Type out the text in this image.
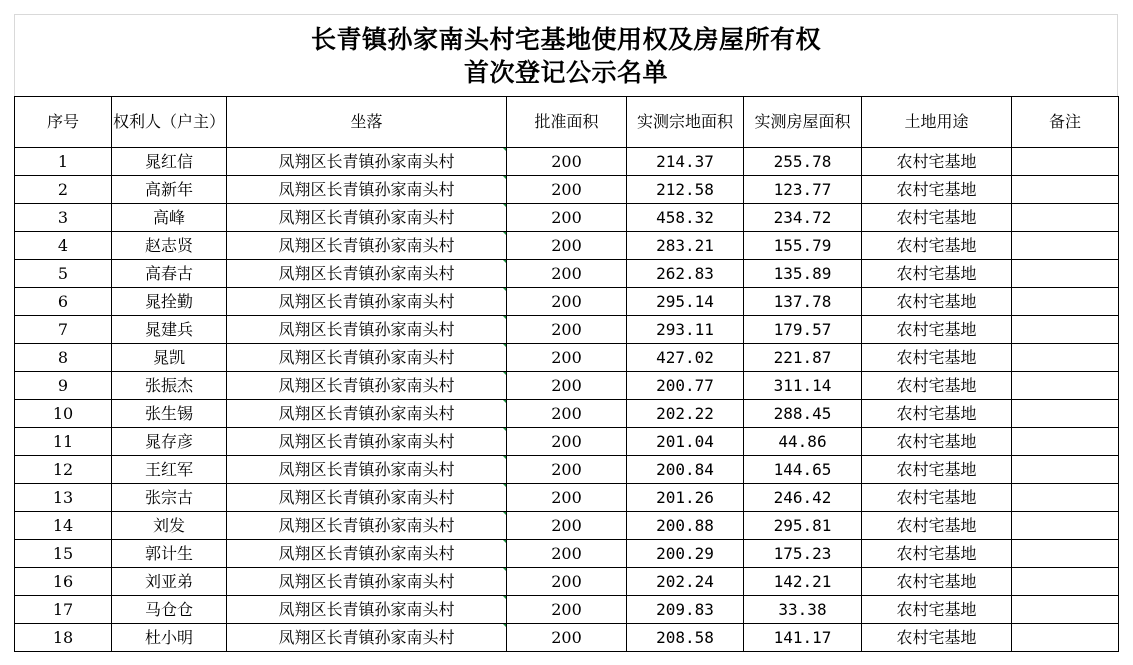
长青镇孙家南头村宅基地使用权及房屋所有权
首次登记公示名单
序号	权利人（户主）	坐落	批准面积	实测宗地面积	实测房屋面积	土地用途	备注
1	晁红信	凤翔区长青镇孙家南头村	200	214.37	255.78	农村宅基地	
2	高新年	凤翔区长青镇孙家南头村	200	212.58	123.77	农村宅基地	
3	高峰	凤翔区长青镇孙家南头村	200	458.32	234.72	农村宅基地	
4	赵志贤	凤翔区长青镇孙家南头村	200	283.21	155.79	农村宅基地	
5	高春古	凤翔区长青镇孙家南头村	200	262.83	135.89	农村宅基地	
6	晁拴勤	凤翔区长青镇孙家南头村	200	295.14	137.78	农村宅基地	
7	晁建兵	凤翔区长青镇孙家南头村	200	293.11	179.57	农村宅基地	
8	晁凯	凤翔区长青镇孙家南头村	200	427.02	221.87	农村宅基地	
9	张振杰	凤翔区长青镇孙家南头村	200	200.77	311.14	农村宅基地	
10	张生锡	凤翔区长青镇孙家南头村	200	202.22	288.45	农村宅基地	
11	晁存彦	凤翔区长青镇孙家南头村	200	201.04	44.86	农村宅基地	
12	王红军	凤翔区长青镇孙家南头村	200	200.84	144.65	农村宅基地	
13	张宗古	凤翔区长青镇孙家南头村	200	201.26	246.42	农村宅基地	
14	刘发	凤翔区长青镇孙家南头村	200	200.88	295.81	农村宅基地	
15	郭计生	凤翔区长青镇孙家南头村	200	200.29	175.23	农村宅基地	
16	刘亚弟	凤翔区长青镇孙家南头村	200	202.24	142.21	农村宅基地	
17	马仓仓	凤翔区长青镇孙家南头村	200	209.83	33.38	农村宅基地	
18	杜小明	凤翔区长青镇孙家南头村	200	208.58	141.17	农村宅基地	
